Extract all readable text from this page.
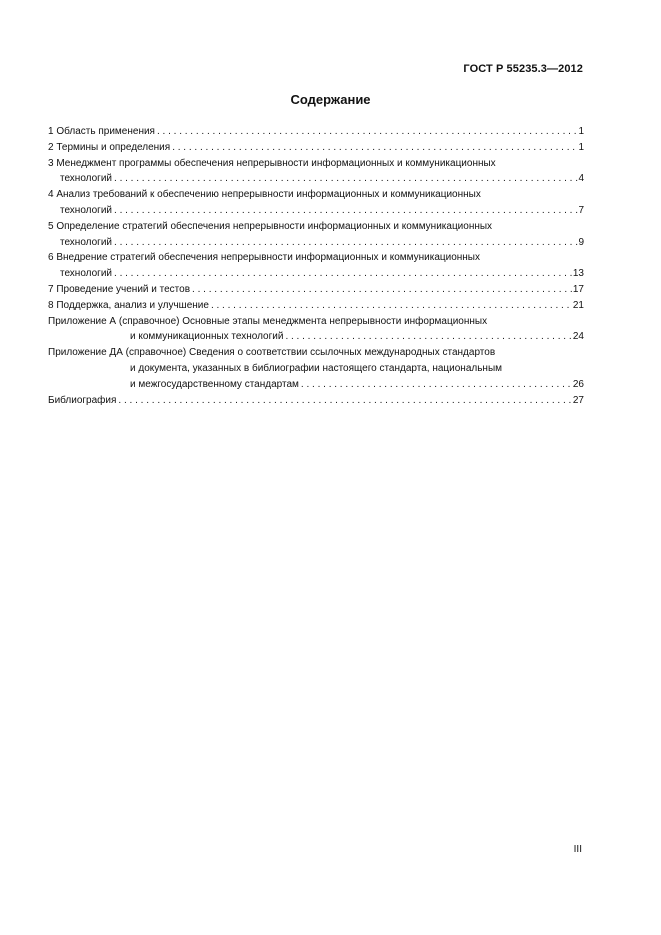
ГОСТ Р 55235.3—2012
Содержание
1 Область применения . . .	1
2 Термины и определения . . .	1
3 Менеджмент программы обеспечения непрерывности информационных и коммуникационных
технологий . . .	4
4 Анализ требований к обеспечению непрерывности информационных и коммуникационных
технологий . . .	7
5 Определение стратегий обеспечения непрерывности информационных и коммуникационных
технологий . . .	9
6 Внедрение стратегий обеспечения непрерывности информационных и коммуникационных
технологий . . .	13
7 Проведение учений и тестов . . .	17
8 Поддержка, анализ и улучшение . . .	21
Приложение А (справочное) Основные этапы менеджмента непрерывности информационных
и коммуникационных технологий . . .	24
Приложение ДА (справочное) Сведения о соответствии ссылочных международных стандартов
и документа, указанных в библиографии настоящего стандарта, национальным
и межгосударственному стандартам . . .	26
Библиография . . .	27
III
